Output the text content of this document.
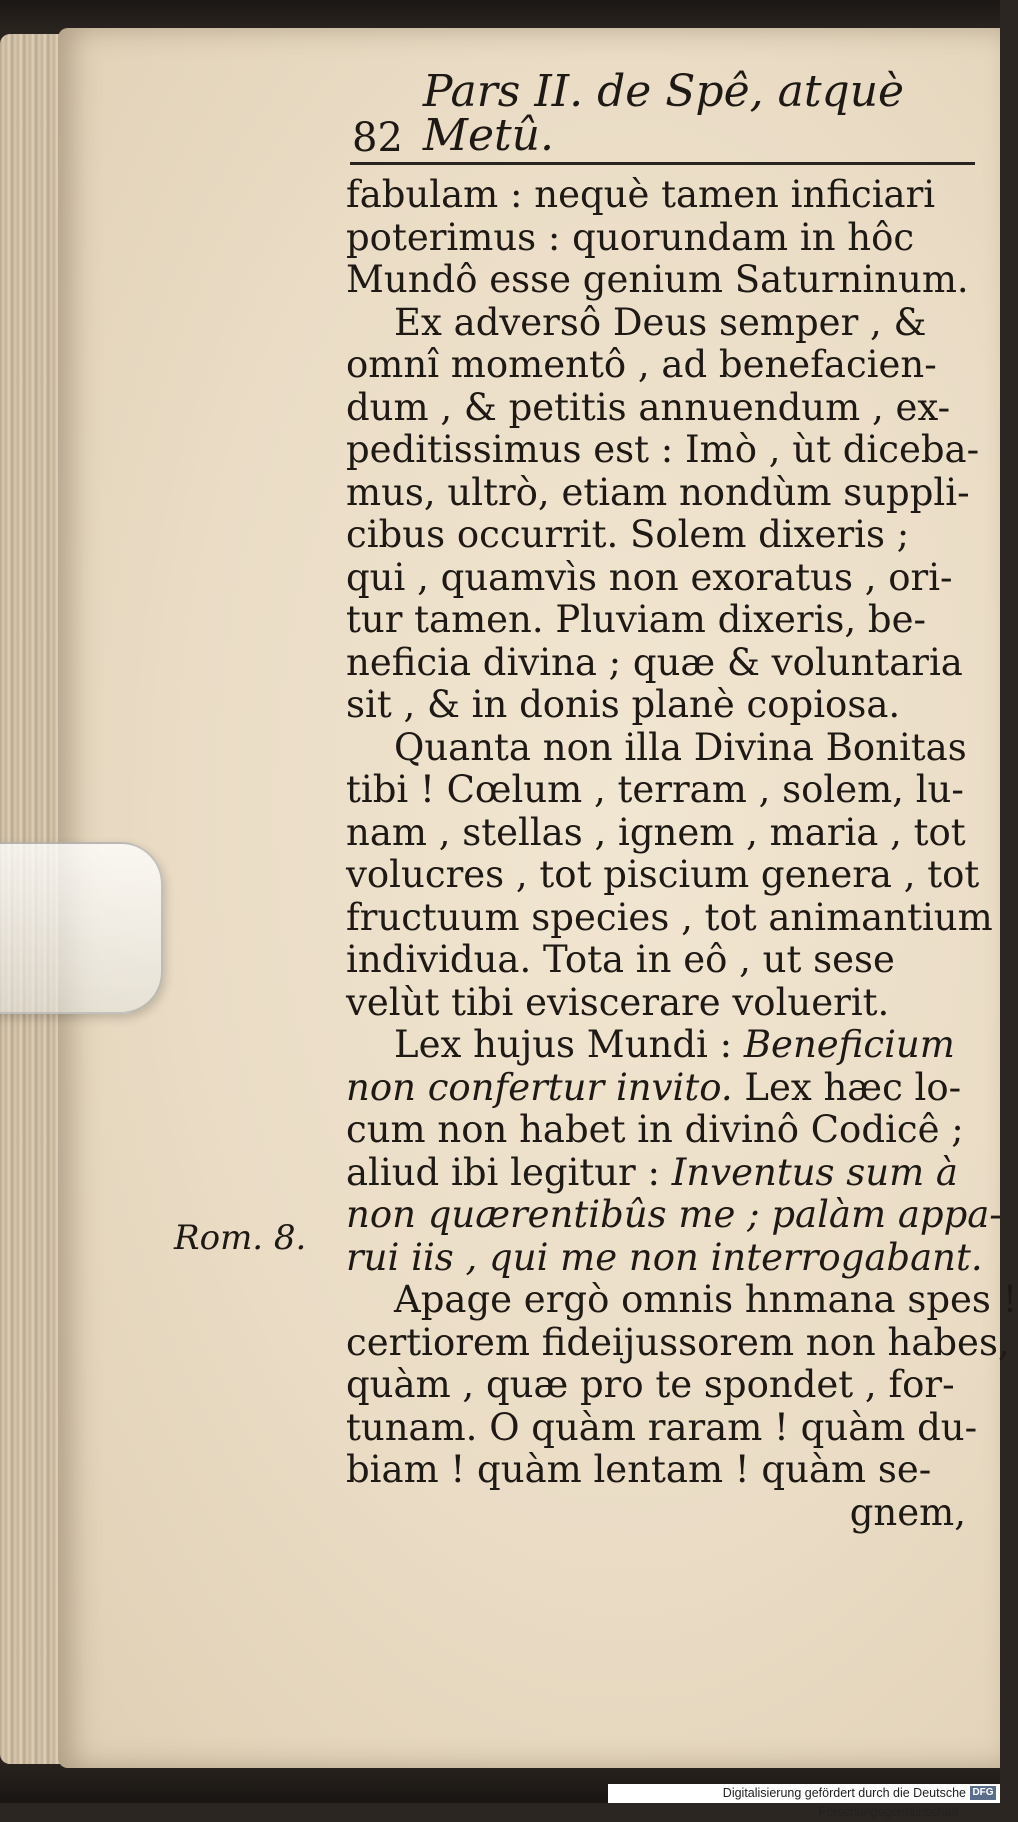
82
Pars II. de Spê, atquè Metû.
fabulam : nequè tamen inficiari
poterimus : quorundam in hôc
Mundô esse genium Saturninum.
Ex adversô Deus semper , &
omnî momentô , ad benefacien-
dum , & petitis annuendum , ex-
peditissimus est : Imò , ùt diceba-
mus, ultrò, etiam nondùm suppli-
cibus occurrit. Solem dixeris ;
qui , quamvìs non exoratus , ori-
tur tamen. Pluviam dixeris, be-
neficia divina ; quæ & voluntaria
sit , & in donis planè copiosa.
Quanta non illa Divina Bonitas
tibi ! Cœlum , terram , solem, lu-
nam , stellas , ignem , maria , tot
volucres , tot piscium genera , tot
fructuum species , tot animantium
individua. Tota in eô , ut sese
velùt tibi eviscerare voluerit.
Lex hujus Mundi : Beneficium
non confertur invito. Lex hæc lo-
cum non habet in divinô Codicê ;
aliud ibi legitur : Inventus sum à
non quærentibûs me ; palàm appa-
rui iis , qui me non interrogabant.
Apage ergò omnis hnmana spes !
certiorem fideijussorem non habes,
quàm , quæ pro te spondet , for-
tunam. O quàm raram ! quàm du-
biam ! quàm lentam ! quàm se-
gnem,
Rom. 8.
Digitalisierung gefördert durch die Deutsche Forschungsgemeinschaft -
DFG
